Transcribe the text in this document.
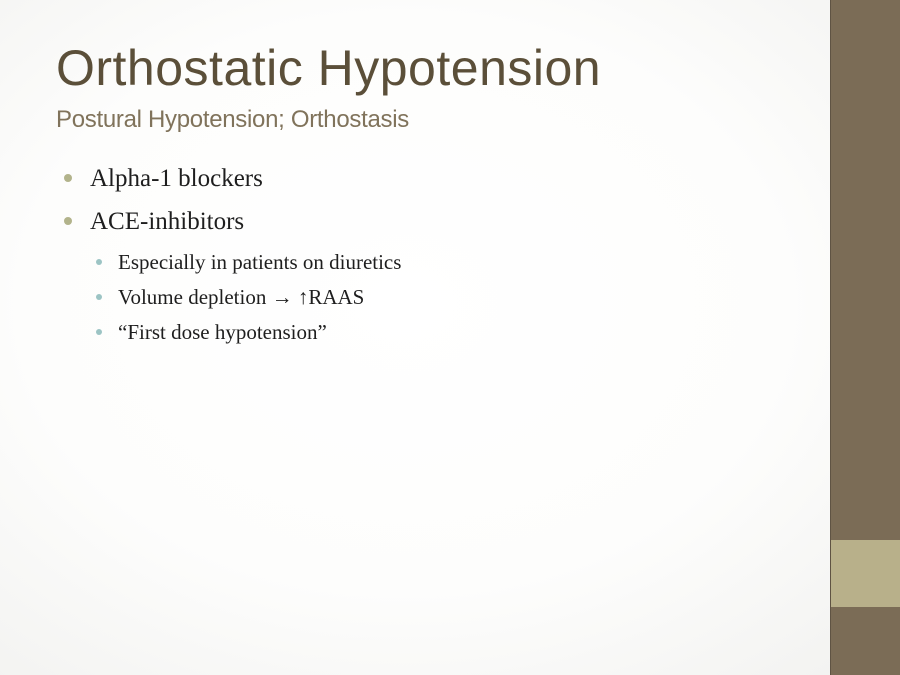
Orthostatic Hypotension
Postural Hypotension; Orthostasis
Alpha-1 blockers
ACE-inhibitors
Especially in patients on diuretics
Volume depletion → ↑RAAS
“First dose hypotension”
